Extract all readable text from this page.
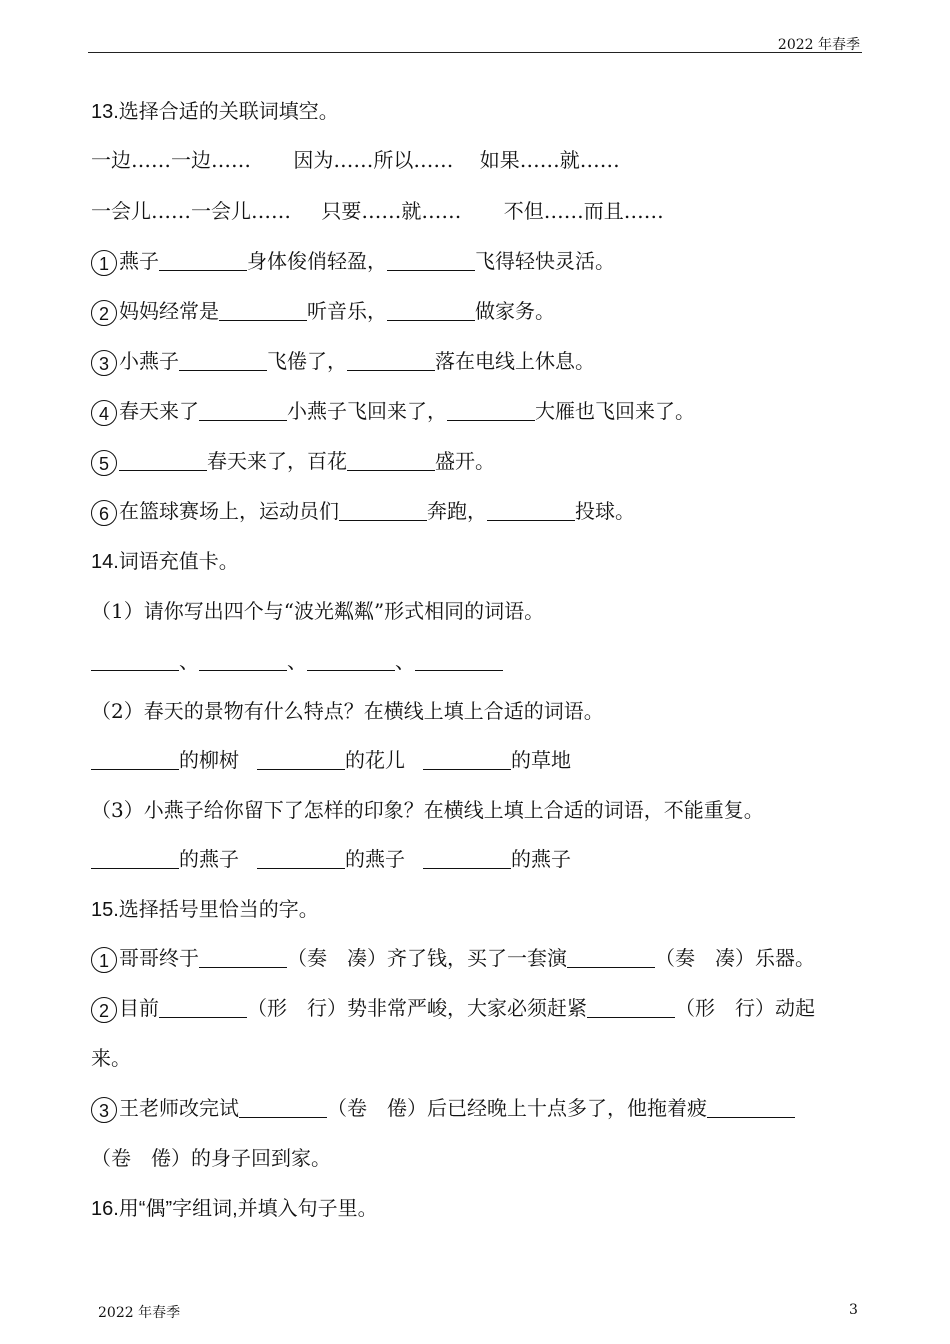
2022 年春季
13.选择合适的关联词填空。
一边……一边…… 因为……所以…… 如果……就……
一会儿……一会儿…… 只要……就…… 不但……而且……
1 燕子	身体俊俏轻盈，	飞得轻快灵活。
2 妈妈经常是	听音乐，	做家务。
3 小燕子	飞倦了，	落在电线上休息。
4 春天来了	小燕子飞回来了，	大雁也飞回来了。
5	春天来了，百花	盛开。
6 在篮球赛场上，运动员们	奔跑，	投球。
14.词语充值卡。
（1）请你写出四个与“波光粼粼”形式相同的词语。
、	、	、
（2）春天的景物有什么特点？在横线上填上合适的词语。
的柳树	的花儿	的草地
（3）小燕子给你留下了怎样的印象？在横线上填上合适的词语，不能重复。
的燕子	的燕子	的燕子
15.选择括号里恰当的字。
1 哥哥终于	（奏　凑）齐了钱，买了一套演	（奏　凑）乐器。
2 目前	（形　行）势非常严峻，大家必须赶紧	（形　行）动起
来。
3 王老师改完试	（卷　倦）后已经晚上十点多了，他拖着疲
（卷　倦）的身子回到家。
16.用“偶”字组词,并填入句子里。
2022 年春季	3
